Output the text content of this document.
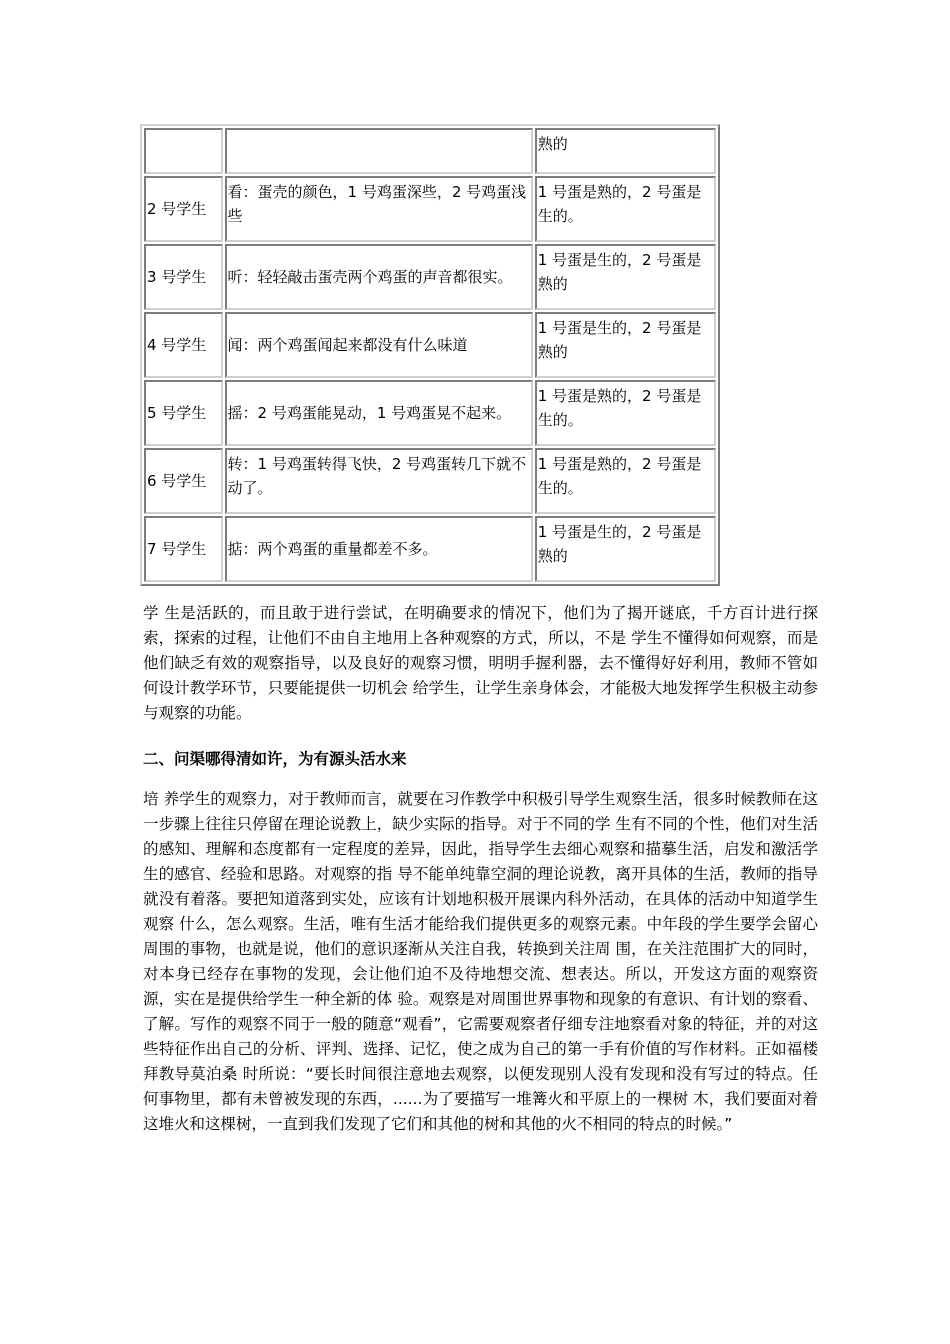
		熟的
2 号学生	看：蛋壳的颜色，1 号鸡蛋深些，2 号鸡蛋浅些	1 号蛋是熟的，2 号蛋是生的。
3 号学生	听：轻轻敲击蛋壳两个鸡蛋的声音都很实。	1 号蛋是生的，2 号蛋是熟的
4 号学生	闻：两个鸡蛋闻起来都没有什么味道	1 号蛋是生的，2 号蛋是熟的
5 号学生	摇：2 号鸡蛋能晃动，1 号鸡蛋晃不起来。	1 号蛋是熟的，2 号蛋是生的。
6 号学生	转：1 号鸡蛋转得飞快，2 号鸡蛋转几下就不动了。	1 号蛋是熟的，2 号蛋是生的。
7 号学生	掂：两个鸡蛋的重量都差不多。	1 号蛋是生的，2 号蛋是熟的

学 生是活跃的，而且敢于进行尝试，在明确要求的情况下，他们为了揭开谜底，千方百计进行探索，探索的过程，让他们不由自主地用上各种观察的方式，所以，不是 学生不懂得如何观察，而是他们缺乏有效的观察指导，以及良好的观察习惯，明明手握利器，去不懂得好好利用，教师不管如何设计教学环节，只要能提供一切机会 给学生，让学生亲身体会，才能极大地发挥学生积极主动参与观察的功能。

二、问渠哪得清如许，为有源头活水来

培 养学生的观察力，对于教师而言，就要在习作教学中积极引导学生观察生活，很多时候教师在这一步骤上往往只停留在理论说教上，缺少实际的指导。对于不同的学 生有不同的个性，他们对生活的感知、理解和态度都有一定程度的差异，因此，指导学生去细心观察和描摹生活，启发和激活学生的感官、经验和思路。对观察的指 导不能单纯靠空洞的理论说教，离开具体的生活，教师的指导就没有着落。要把知道落到实处，应该有计划地积极开展课内科外活动，在具体的活动中知道学生观察 什么，怎么观察。生活，唯有生活才能给我们提供更多的观察元素。中年段的学生要学会留心周围的事物，也就是说，他们的意识逐渐从关注自我，转换到关注周 围，在关注范围扩大的同时，对本身已经存在事物的发现，会让他们迫不及待地想交流、想表达。所以，开发这方面的观察资源，实在是提供给学生一种全新的体 验。观察是对周围世界事物和现象的有意识、有计划的察看、了解。写作的观察不同于一般的随意“观看”，它需要观察者仔细专注地察看对象的特征，并的对这些特征作出自己的分析、评判、选择、记忆，使之成为自己的第一手有价值的写作材料。正如福楼拜教导莫泊桑 时所说：“要长时间很注意地去观察，以便发现别人没有发现和没有写过的特点。任何事物里，都有未曾被发现的东西，......为了要描写一堆篝火和平原上的一棵树 木，我们要面对着这堆火和这棵树，一直到我们发现了它们和其他的树和其他的火不相同的特点的时候。”
